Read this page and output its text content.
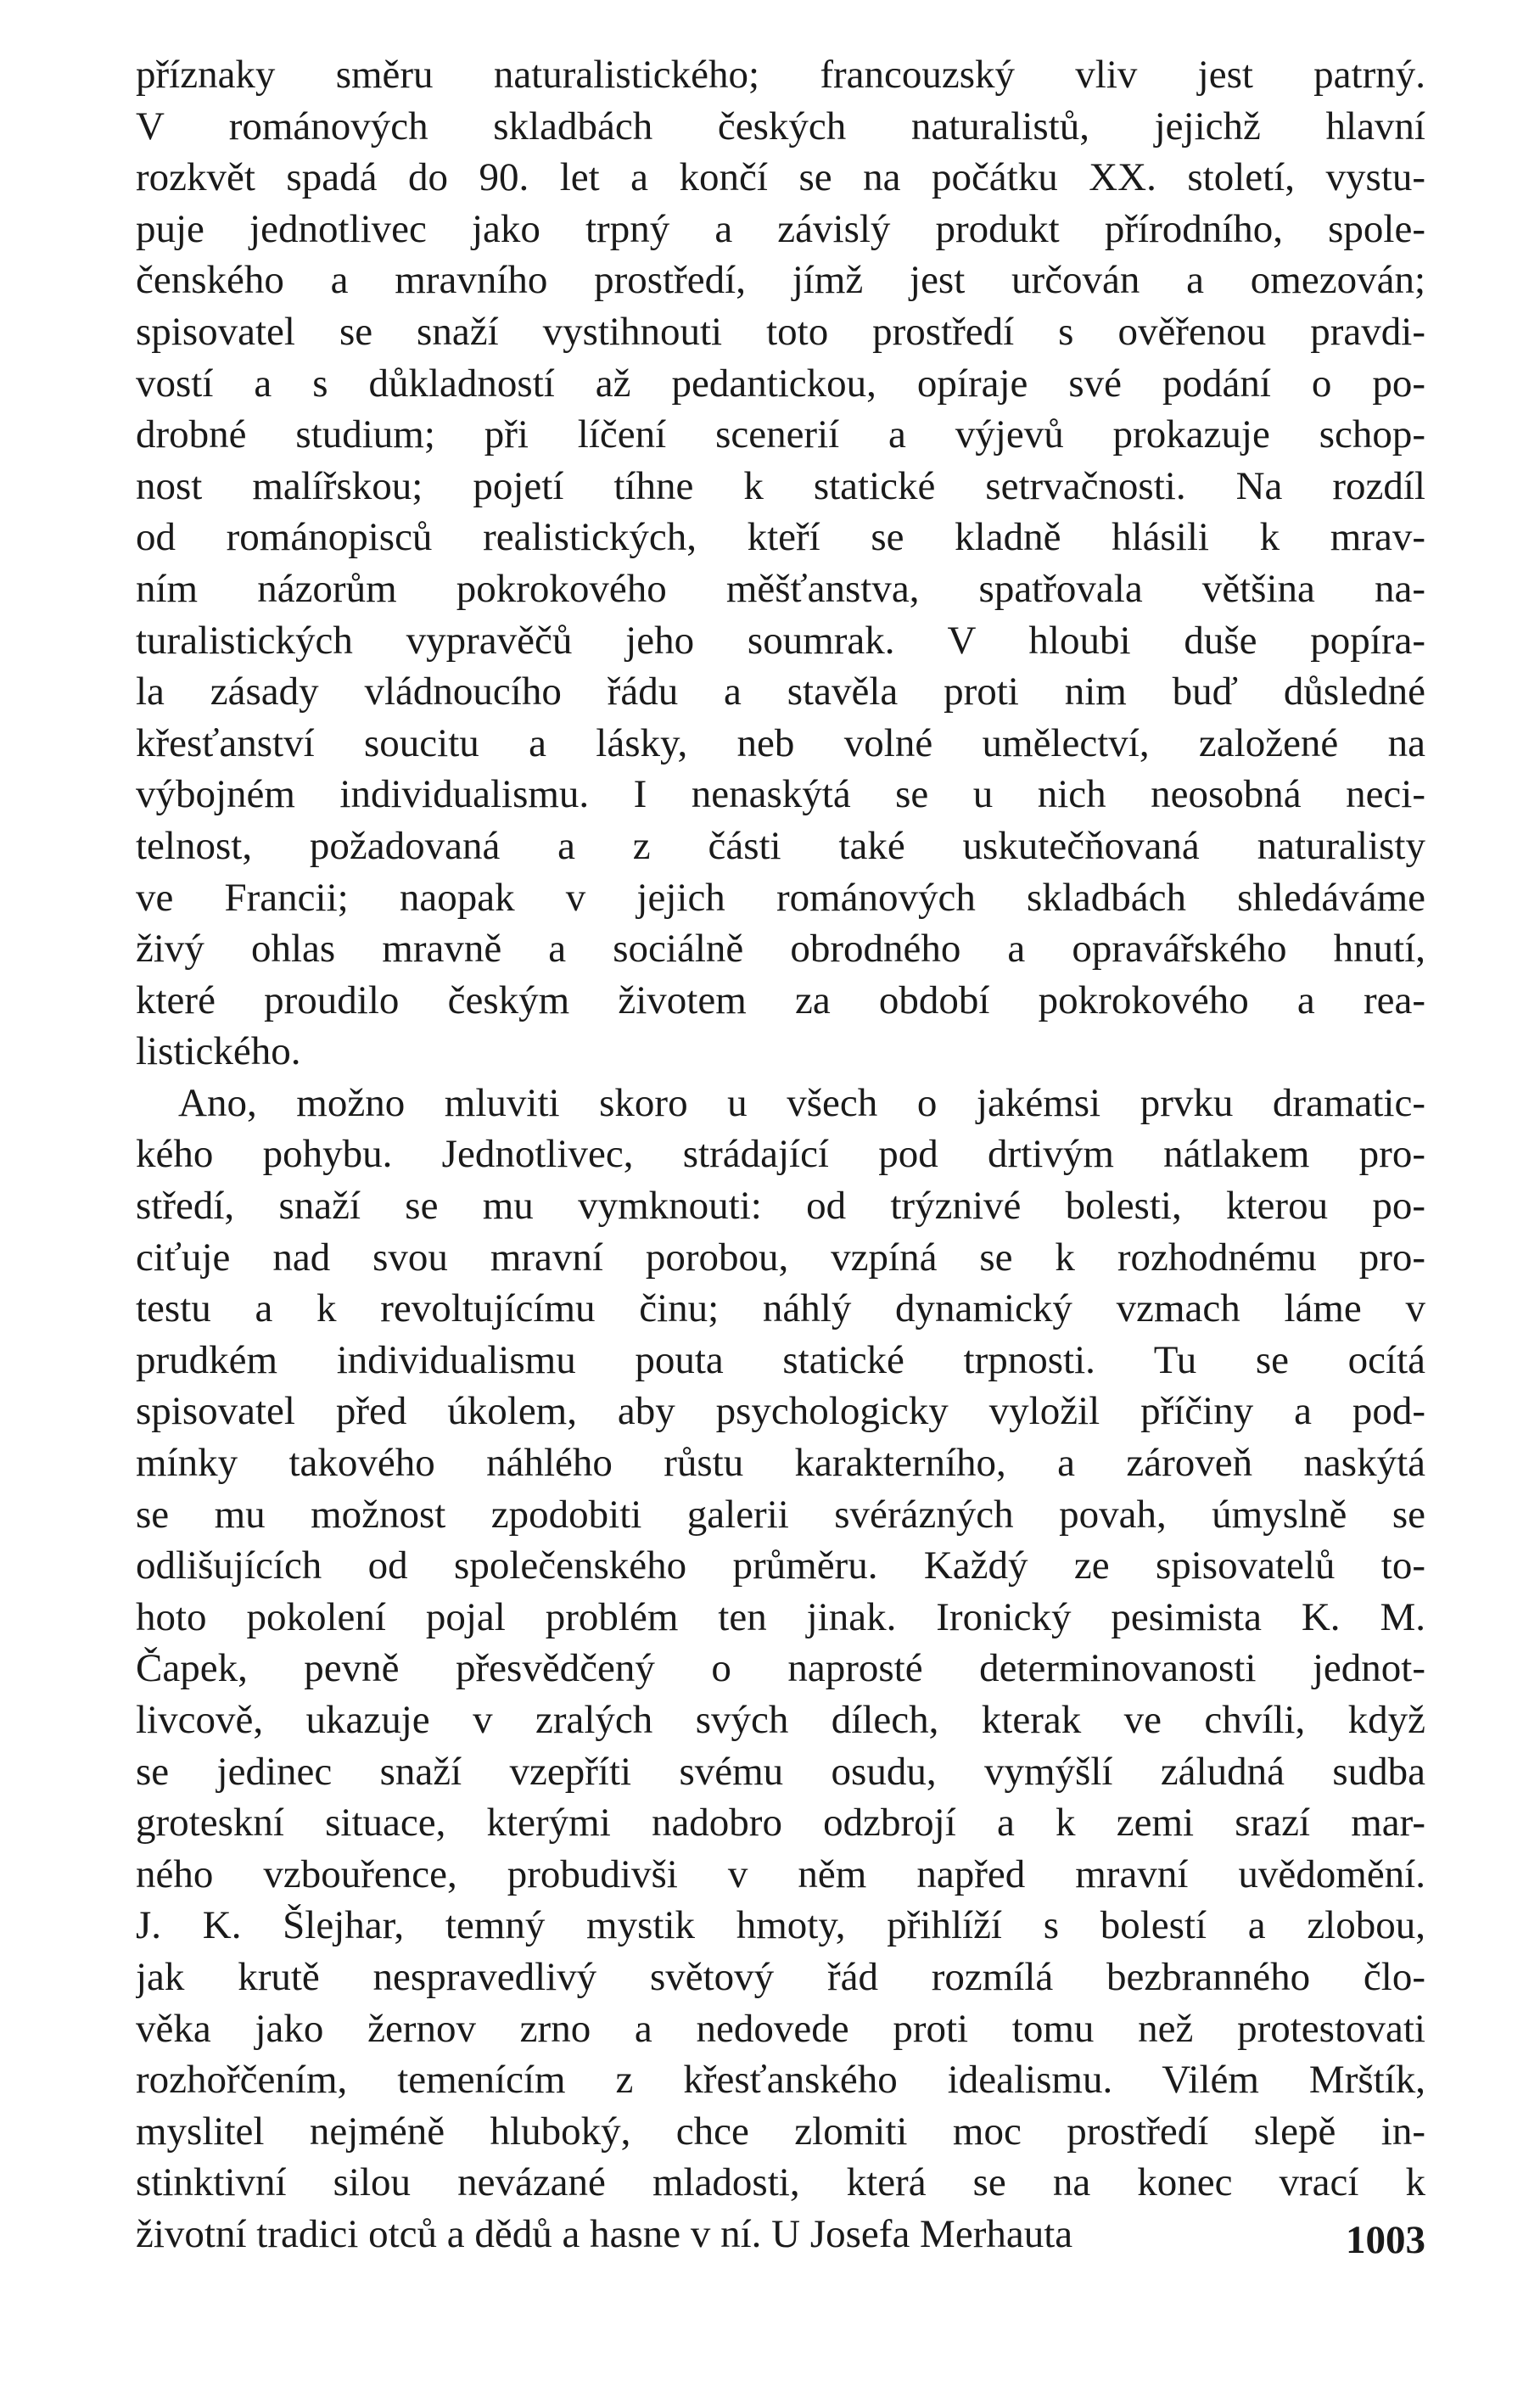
příznaky směru naturalistického; francouzský vliv jest patrný.
V románových skladbách českých naturalistů, jejichž hlavní
rozkvět spadá do 90. let a končí se na počátku XX. století, vystu-
puje jednotlivec jako trpný a závislý produkt přírodního, spole-
čenského a mravního prostředí, jímž jest určován a omezován;
spisovatel se snaží vystihnouti toto prostředí s ověřenou pravdi-
vostí a s důkladností až pedantickou, opíraje své podání o po-
drobné studium; při líčení scenerií a výjevů prokazuje schop-
nost malířskou; pojetí tíhne k statické setrvačnosti. Na rozdíl
od románopisců realistických, kteří se kladně hlásili k mrav-
ním názorům pokrokového měšťanstva, spatřovala většina na-
turalistických vypravěčů jeho soumrak. V hloubi duše popíra-
la zásady vládnoucího řádu a stavěla proti nim buď důsledné
křesťanství soucitu a lásky, neb volné umělectví, založené na
výbojném individualismu. I nenaskýtá se u nich neosobná neci-
telnost, požadovaná a z části také uskutečňovaná naturalisty
ve Francii; naopak v jejich románových skladbách shledáváme
živý ohlas mravně a sociálně obrodného a opravářského hnutí,
které proudilo českým životem za období pokrokového a rea-
listického.
Ano, možno mluviti skoro u všech o jakémsi prvku dramatic-
kého pohybu. Jednotlivec, strádající pod drtivým nátlakem pro-
středí, snaží se mu vymknouti: od trýznivé bolesti, kterou po-
ciťuje nad svou mravní porobou, vzpíná se k rozhodnému pro-
testu a k revoltujícímu činu; náhlý dynamický vzmach láme v
prudkém individualismu pouta statické trpnosti. Tu se ocítá
spisovatel před úkolem, aby psychologicky vyložil příčiny a pod-
mínky takového náhlého růstu karakterního, a zároveň naskýtá
se mu možnost zpodobiti galerii svérázných povah, úmyslně se
odlišujících od společenského průměru. Každý ze spisovatelů to-
hoto pokolení pojal problém ten jinak. Ironický pesimista K. M.
Čapek, pevně přesvědčený o naprosté determinovanosti jednot-
livcově, ukazuje v zralých svých dílech, kterak ve chvíli, když
se jedinec snaží vzepříti svému osudu, vymýšlí záludná sudba
groteskní situace, kterými nadobro odzbrojí a k zemi srazí mar-
ného vzbouřence, probudivši v něm napřed mravní uvědomění.
J. K. Šlejhar, temný mystik hmoty, přihlíží s bolestí a zlobou,
jak krutě nespravedlivý světový řád rozmílá bezbranného člo-
věka jako žernov zrno a nedovede proti tomu než protestovati
rozhořčením, temenícím z křesťanského idealismu. Vilém Mrštík,
myslitel nejméně hluboký, chce zlomiti moc prostředí slepě in-
stinktivní silou nevázané mladosti, která se na konec vrací k
životní tradici otců a dědů a hasne v ní. U Josefa Merhauta	1003
